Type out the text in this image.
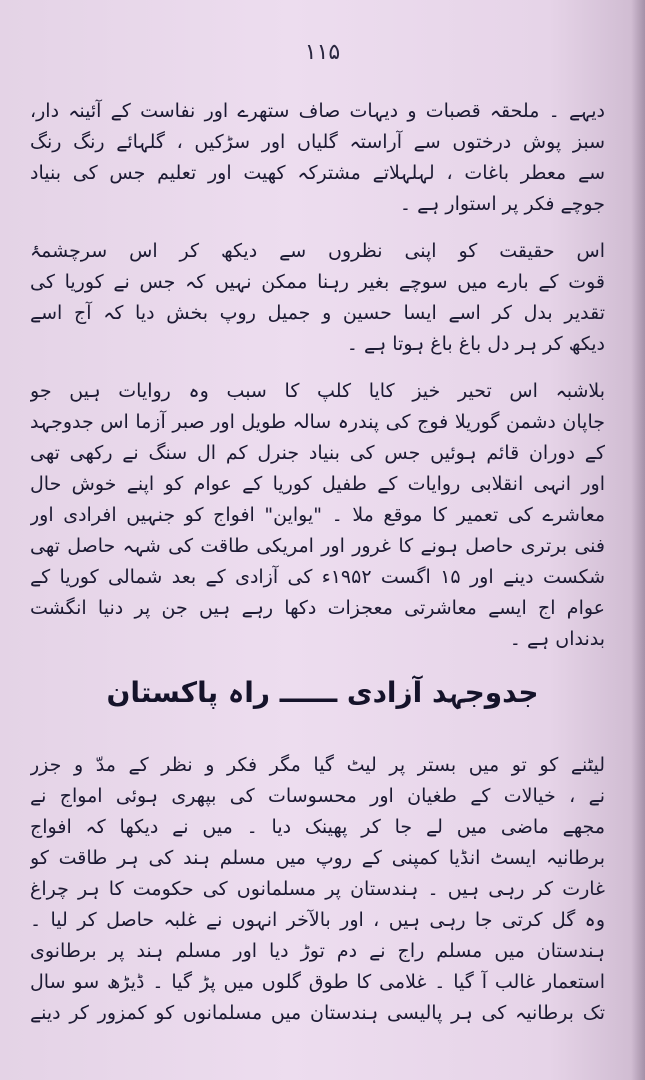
۱۱۵
دیہے ۔ ملحقہ قصبات و دیہات صاف ستھرے اور نفاست کے آئینہ دار،
سبز پوش درختوں سے آراستہ گلیاں اور سڑکیں ، گلہائے رنگ رنگ
سے معطر باغات ، لہلہلاتے مشترکہ کھیت اور تعلیم جس کی بنیاد
جوچے فکر پر استوار ہے ۔
اس حقیقت کو اپنی نظروں سے دیکھ کر اس سرچشمۂ
قوت کے بارے میں سوچے بغیر رہنا ممکن نہیں کہ جس نے کوریا کی
تقدیر بدل کر اسے ایسا حسین و جمیل روپ بخش دیا کہ آج اسے
دیکھ کر ہر دل باغ باغ ہوتا ہے ۔
بلاشبہ اس تحیر خیز کایا کلپ کا سبب وہ روایات ہیں جو
جاپان دشمن گوریلا فوج کی پندرہ سالہ طویل اور صبر آزما اس جدوجہد
کے دوران قائم ہوئیں جس کی بنیاد جنرل کم ال سنگ نے رکھی تھی
اور انہی انقلابی روایات کے طفیل کوریا کے عوام کو اپنے خوش حال
معاشرے کی تعمیر کا موقع ملا ۔ "یواین" افواج کو جنہیں افرادی اور
فنی برتری حاصل ہونے کا غرور اور امریکی طاقت کی شہہ حاصل تھی
شکست دینے اور ۱۵ اگست ۱۹۵۲ء کی آزادی کے بعد شمالی کوریا کے
عوام اج ایسے معاشرتی معجزات دکھا رہے ہیں جن پر دنیا انگشت
بدنداں ہے ۔
جدوجہد آزادی ــــــ راہ پاکستان
لیٹنے کو تو میں بستر پر لیٹ گیا مگر فکر و نظر کے مدّ و جزر
نے ، خیالات کے طغیان اور محسوسات کی بپھری ہوئی امواج نے
مجھے ماضی میں لے جا کر پھینک دیا ۔ میں نے دیکھا کہ افواج
برطانیہ ایسٹ انڈیا کمپنی کے روپ میں مسلم ہند کی ہر طاقت کو
غارت کر رہی ہیں ۔ ہندستان پر مسلمانوں کی حکومت کا ہر چراغ
وہ گل کرتی جا رہی ہیں ، اور بالآخر انہوں نے غلبہ حاصل کر لیا ۔
ہندستان میں مسلم راج نے دم توڑ دیا اور مسلم ہند پر برطانوی
استعمار غالب آ گیا ۔ غلامی کا طوق گلوں میں پڑ گیا ۔ ڈیڑھ سو سال
تک برطانیہ کی ہر پالیسی ہندستان میں مسلمانوں کو کمزور کر دینے
